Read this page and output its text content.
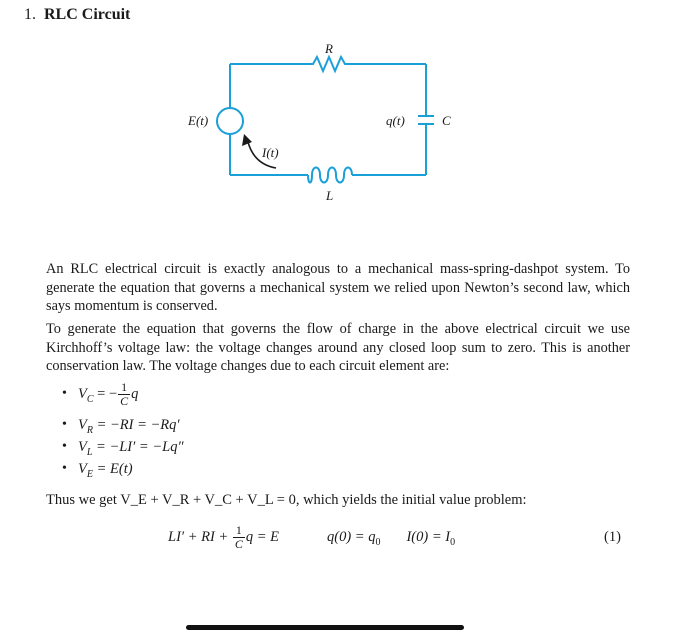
1. RLC Circuit
R
L
C
E(t)	q(t)
I(t)

An RLC electrical circuit is exactly analogous to a mechanical mass-spring-dashpot system. To generate the equation that governs a mechanical system we relied upon Newton’s second law, which says momentum is conserved.

To generate the equation that governs the flow of charge in the above electrical circuit we use Kirchhoff’s voltage law: the voltage changes around any closed loop sum to zero. This is another conservation law. The voltage changes due to each circuit element are:

• $V_C$ = − $\frac{1}{C}$ q
• $V_R = -RI = -Rq'$
• $V_L = -LI' = -Lq''$
• $V_E = E(t)$
Thus we get V_E + V_R + V_C + V_L = 0, which yields the initial value problem:
LI′ + RI + $\frac{1}{C}$ q = E	$q(0) = q_0$ $I(0) = I_0$	(1)
